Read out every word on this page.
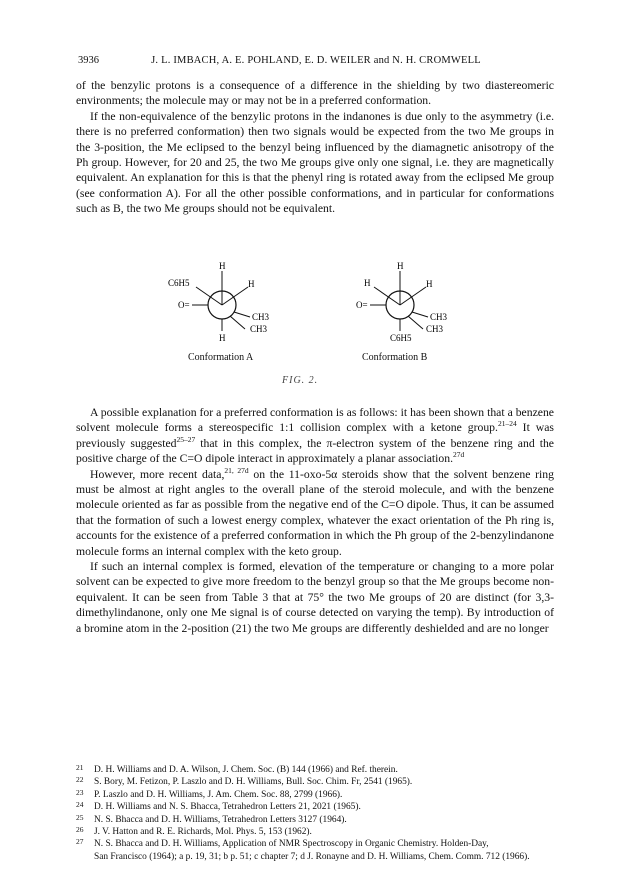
3936	J. L. IMBACH, A. E. POHLAND, E. D. WEILER and N. H. CROMWELL

of the benzylic protons is a consequence of a difference in the shielding by two diastereomeric environments; the molecule may or may not be in a preferred conformation.

If the non-equivalence of the benzylic protons in the indanones is due only to the asymmetry (i.e. there is no preferred conformation) then two signals would be expected from the two Me groups in the 3-position, the Me eclipsed to the benzyl being influenced by the diamagnetic anisotropy of the Ph group. However, for 20 and 25, the two Me groups give only one signal, i.e. they are magnetically equivalent. An explanation for this is that the phenyl ring is rotated away from the eclipsed Me group (see conformation A). For all the other possible conformations, and in particular for conformations such as B, the two Me groups should not be equivalent.

H
C6H5	H
O=
CH3
CH3
H
H
H	H
O=
CH3
CH3
C6H5
Conformation A	Conformation B
FIG. 2.

A possible explanation for a preferred conformation is as follows: it has been shown that a benzene solvent molecule forms a stereospecific 1:1 collision complex with a ketone group.$^{21-24}$ It was previously suggested$^{25-27}$ that in this complex, the π-electron system of the benzene ring and the positive charge of the C=O dipole interact in approximately a planar association.$^{27d}$

However, more recent data,$^{21, 27d}$ on the 11-oxo-5α steroids show that the solvent benzene ring must be almost at right angles to the overall plane of the steroid molecule, and with the benzene molecule oriented as far as possible from the negative end of the C=O dipole. Thus, it can be assumed that the formation of such a lowest energy complex, whatever the exact orientation of the Ph ring is, accounts for the existence of a preferred conformation in which the Ph group of the 2-benzylindanone molecule forms an internal complex with the keto group.

If such an internal complex is formed, elevation of the temperature or changing to a more polar solvent can be expected to give more freedom to the benzyl group so that the Me groups become non-equivalent. It can be seen from Table 3 that at 75° the two Me groups of 20 are distinct (for 3,3-dimethylindanone, only one Me signal is of course detected on varying the temp). By introduction of a bromine atom in the 2-position (21) the two Me groups are differently deshielded and are no longer

21	D. H. Williams and D. A. Wilson, J. Chem. Soc. (B) 144 (1966) and Ref. therein.
22	S. Bory, M. Fetizon, P. Laszlo and D. H. Williams, Bull. Soc. Chim. Fr, 2541 (1965).
23	P. Laszlo and D. H. Williams, J. Am. Chem. Soc. 88, 2799 (1966).
24	D. H. Williams and N. S. Bhacca, Tetrahedron Letters 21, 2021 (1965).
25	N. S. Bhacca and D. H. Williams, Tetrahedron Letters 3127 (1964).
26	J. V. Hatton and R. E. Richards, Mol. Phys. 5, 153 (1962).
27	N. S. Bhacca and D. H. Williams, Application of NMR Spectroscopy in Organic Chemistry. Holden-Day,
San Francisco (1964); a p. 19, 31; b p. 51; c chapter 7; d J. Ronayne and D. H. Williams, Chem. Comm. 712 (1966).
